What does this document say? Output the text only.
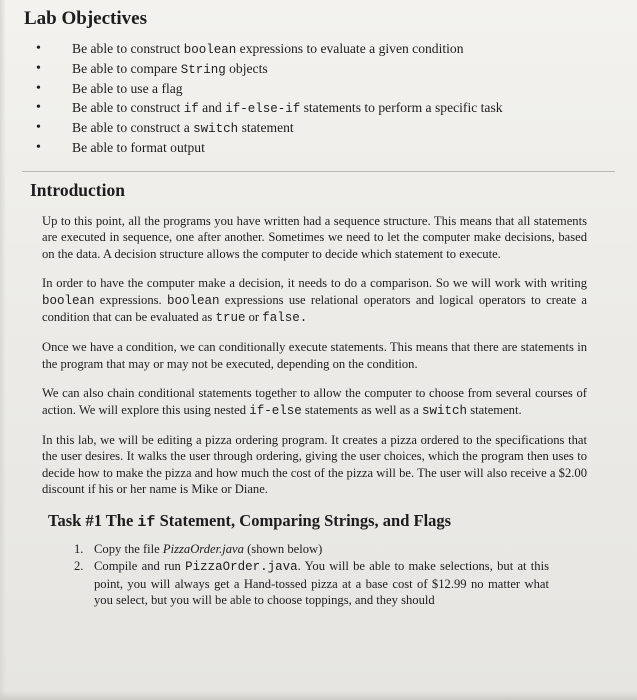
Lab Objectives
• Be able to construct boolean expressions to evaluate a given condition
• Be able to compare String objects
• Be able to use a flag
• Be able to construct if and if-else-if statements to perform a specific task
• Be able to construct a switch statement
• Be able to format output
Introduction

Up to this point, all the programs you have written had a sequence structure. This means that all statements are executed in sequence, one after another. Sometimes we need to let the computer make decisions, based on the data. A decision structure allows the computer to decide which statement to execute.

In order to have the computer make a decision, it needs to do a comparison. So we will work with writing boolean expressions. boolean expressions use relational operators and logical operators to create a condition that can be evaluated as true or false.

Once we have a condition, we can conditionally execute statements. This means that there are statements in the program that may or may not be executed, depending on the condition.

We can also chain conditional statements together to allow the computer to choose from several courses of action. We will explore this using nested if-else statements as well as a switch statement.

In this lab, we will be editing a pizza ordering program. It creates a pizza ordered to the specifications that the user desires. It walks the user through ordering, giving the user choices, which the program then uses to decide how to make the pizza and how much the cost of the pizza will be. The user will also receive a $2.00 discount if his or her name is Mike or Diane.

Task #1 The if Statement, Comparing Strings, and Flags
1. Copy the file PizzaOrder.java (shown below)
2. Compile and run PizzaOrder.java. You will be able to make selections, but at this point, you will always get a Hand-tossed pizza at a base cost of $12.99 no matter what you select, but you will be able to choose toppings, and they should
